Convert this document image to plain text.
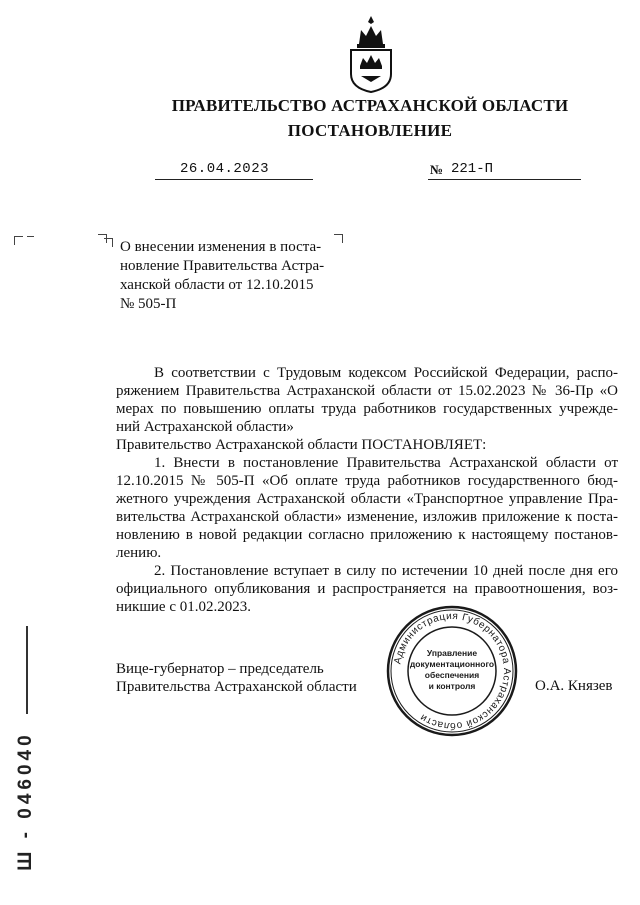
ПРАВИТЕЛЬСТВО АСТРАХАНСКОЙ ОБЛАСТИ
ПОСТАНОВЛЕНИЕ
26.04.2023	№ 221-П
О внесении изменения в поста-
новление Правительства Астра-
ханской области от 12.10.2015
№ 505-П
В соответствии с Трудовым кодексом Российской Федерации, распо-
ряжением Правительства Астраханской области от 15.02.2023 № 36-Пр «О
мерах по повышению оплаты труда работников государственных учрежде-
ний Астраханской области»
Правительство Астраханской области ПОСТАНОВЛЯЕТ:
1. Внести в постановление Правительства Астраханской области от
12.10.2015 № 505-П «Об оплате труда работников государственного бюд-
жетного учреждения Астраханской области «Транспортное управление Пра-
вительства Астраханской области» изменение, изложив приложение к поста-
новлению в новой редакции согласно приложению к настоящему постанов-
лению.
2. Постановление вступает в силу по истечении 10 дней после дня его
официального опубликования и распространяется на правоотношения, воз-
никшие с 01.02.2023.
Администрация Губернатора Астраханской области
Управление
документационного
обеспечения
и контроля
Вице-губернатор – председатель
Правительства Астраханской области	О.А. Князев
Ш - 046040
